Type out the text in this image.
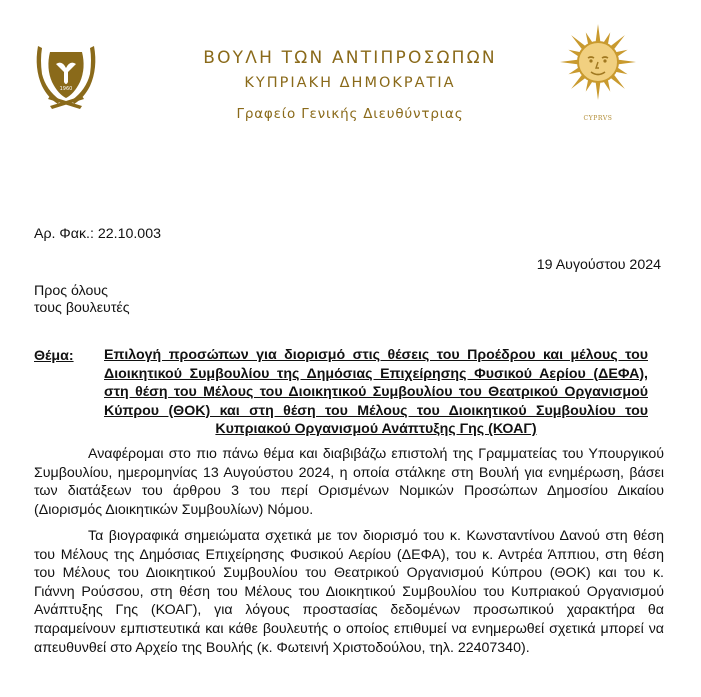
1960
CYPRVS
ΒΟΥΛΗ ΤΩΝ ΑΝΤΙΠΡΟΣΩΠΩΝ
ΚΥΠΡΙΑΚΗ ΔΗΜΟΚΡΑΤΙΑ
Γραφείο Γενικής Διευθύντριας
Αρ. Φακ.: 22.10.003
19 Αυγούστου 2024
Προς όλους
τους βουλευτές
Θέμα: Επιλογή προσώπων για διορισμό στις θέσεις του Προέδρου και μέλους του Διοικητικού Συμβουλίου της Δημόσιας Επιχείρησης Φυσικού Αερίου (ΔΕΦΑ), στη θέση του Μέλους του Διοικητικού Συμβουλίου του Θεατρικού Οργανισμού Κύπρου (ΘΟΚ) και στη θέση του Μέλους του Διοικητικού Συμβουλίου του Κυπριακού Οργανισμού Ανάπτυξης Γης (ΚΟΑΓ)
Αναφέρομαι στο πιο πάνω θέμα και διαβιβάζω επιστολή της Γραμματείας του Υπουργικού Συμβουλίου, ημερομηνίας 13 Αυγούστου 2024, η οποία στάλκηε στη Βουλή για ενημέρωση, βάσει των διατάξεων του άρθρου 3 του περί Ορισμένων Νομικών Προσώπων Δημοσίου Δικαίου (Διορισμός Διοικητικών Συμβουλίων) Νόμου.
Τα βιογραφικά σημειώματα σχετικά με τον διορισμό του κ. Κωνσταντίνου Δανού στη θέση του Μέλους της Δημόσιας Επιχείρησης Φυσικού Αερίου (ΔΕΦΑ), του κ. Αντρέα Άππιου, στη θέση του Μέλους του Διοικητικού Συμβουλίου του Θεατρικού Οργανισμού Κύπρου (ΘΟΚ) και του κ. Γιάννη Ρούσσου, στη θέση του Μέλους του Διοικητικού Συμβουλίου του Κυπριακού Οργανισμού Ανάπτυξης Γης (ΚΟΑΓ), για λόγους προστασίας δεδομένων προσωπικού χαρακτήρα θα παραμείνουν εμπιστευτικά και κάθε βουλευτής ο οποίος επιθυμεί να ενημερωθεί σχετικά μπορεί να απευθυνθεί στο Αρχείο της Βουλής (κ. Φωτεινή Χριστοδούλου, τηλ. 22407340).
